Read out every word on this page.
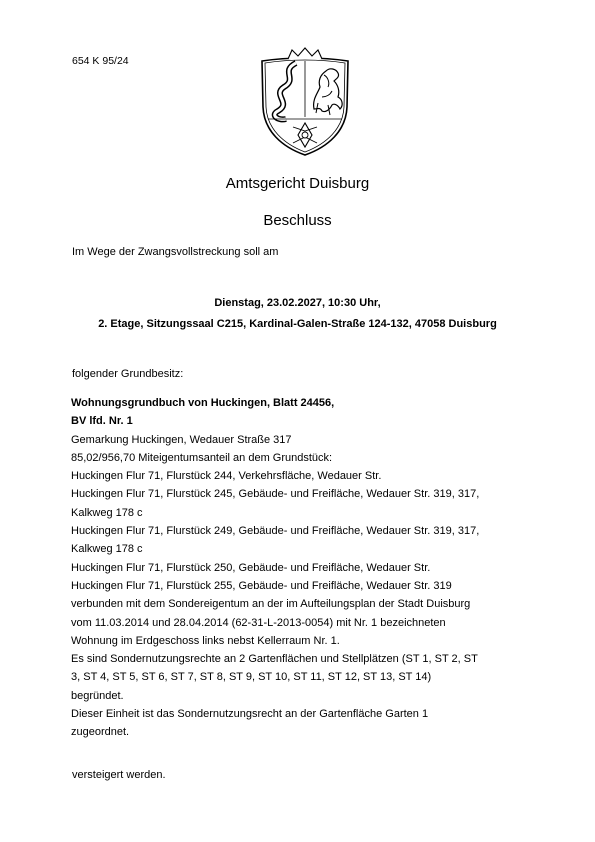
654 K 95/24
Amtsgericht Duisburg
Beschluss
Im Wege der Zwangsvollstreckung soll am
Dienstag, 23.02.2027, 10:30 Uhr,
2. Etage, Sitzungssaal C215, Kardinal-Galen-Straße 124-132, 47058 Duisburg
folgender Grundbesitz:
Wohnungsgrundbuch von Huckingen, Blatt 24456,
BV lfd. Nr. 1
Gemarkung Huckingen, Wedauer Straße 317
85,02/956,70 Miteigentumsanteil an dem Grundstück:
Huckingen Flur 71, Flurstück 244, Verkehrsfläche, Wedauer Str.
Huckingen Flur 71, Flurstück 245, Gebäude- und Freifläche, Wedauer Str. 319, 317,
Kalkweg 178 c
Huckingen Flur 71, Flurstück 249, Gebäude- und Freifläche, Wedauer Str. 319, 317,
Kalkweg 178 c
Huckingen Flur 71, Flurstück 250, Gebäude- und Freifläche, Wedauer Str.
Huckingen Flur 71, Flurstück 255, Gebäude- und Freifläche, Wedauer Str. 319
verbunden mit dem Sondereigentum an der im Aufteilungsplan der Stadt Duisburg
vom 11.03.2014 und 28.04.2014 (62-31-L-2013-0054) mit Nr. 1 bezeichneten
Wohnung im Erdgeschoss links nebst Kellerraum Nr. 1.
Es sind Sondernutzungsrechte an 2 Gartenflächen und Stellplätzen (ST 1, ST 2, ST
3, ST 4, ST 5, ST 6, ST 7, ST 8, ST 9, ST 10, ST 11, ST 12, ST 13, ST 14)
begründet.
Dieser Einheit ist das Sondernutzungsrecht an der Gartenfläche Garten 1
zugeordnet.
versteigert werden.
